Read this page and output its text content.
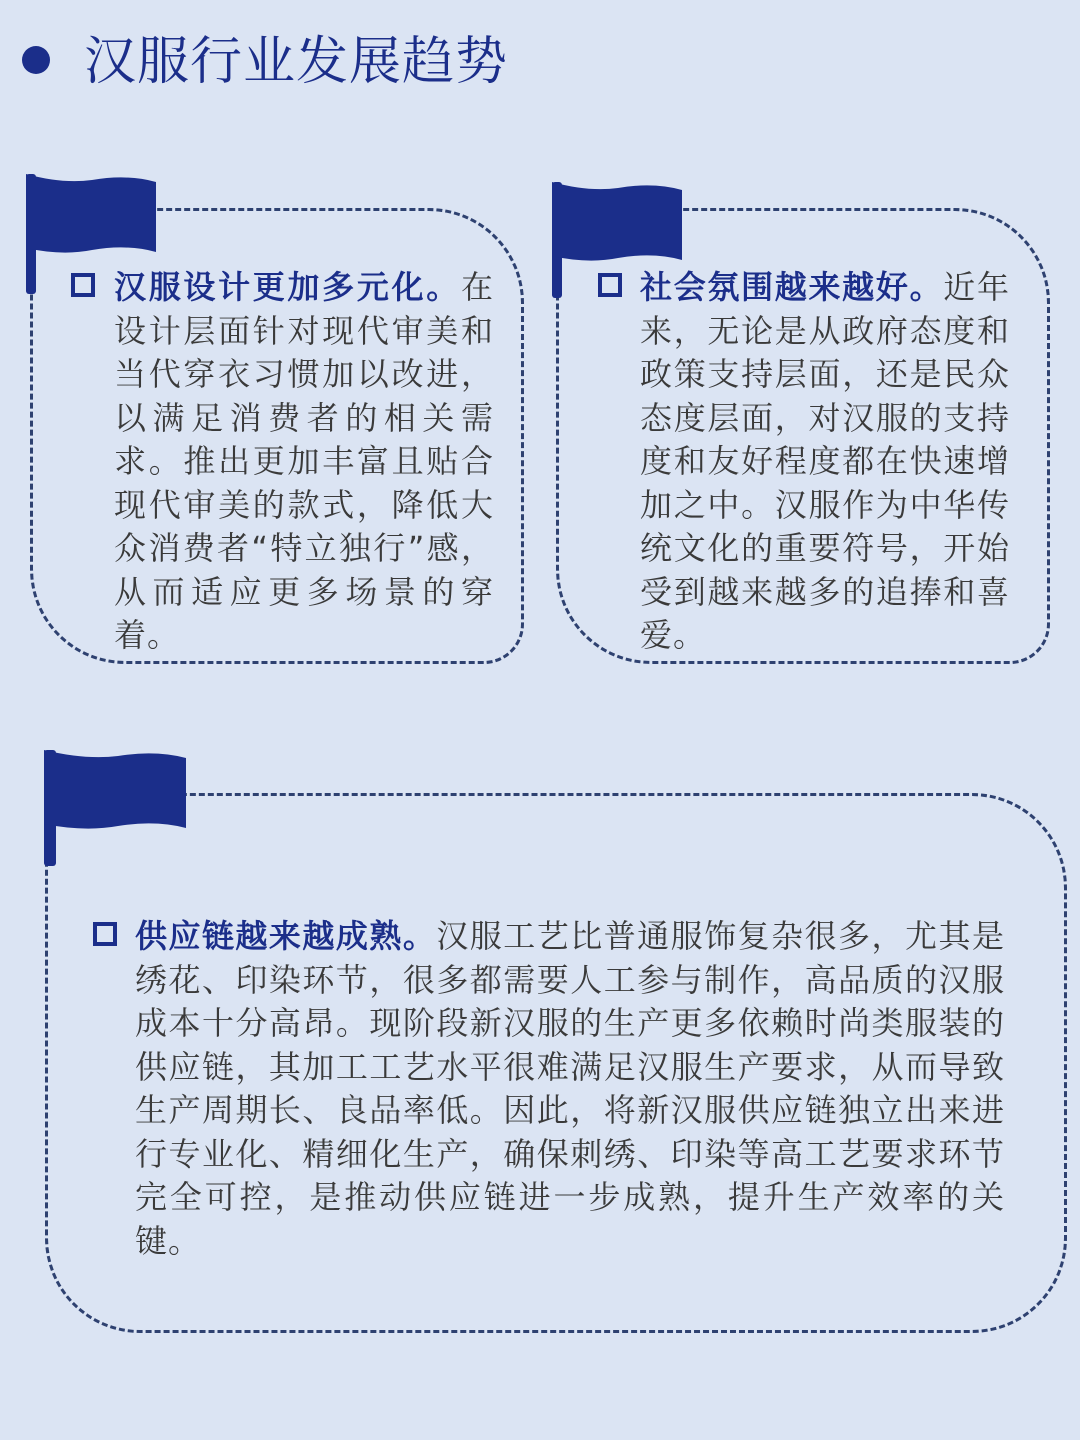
汉服行业发展趋势
汉服设计更加多元化。在设计层面针对现代审美和当代穿衣习惯加以改进，以满足消费者的相关需求。推出更加丰富且贴合现代审美的款式，降低大众消费者“特立独行”感，从而适应更多场景的穿着。
社会氛围越来越好。近年来，无论是从政府态度和政策支持层面，还是民众态度层面，对汉服的支持度和友好程度都在快速增加之中。汉服作为中华传统文化的重要符号，开始受到越来越多的追捧和喜爱。
供应链越来越成熟。汉服工艺比普通服饰复杂很多，尤其是绣花、印染环节，很多都需要人工参与制作，高品质的汉服成本十分高昂。现阶段新汉服的生产更多依赖时尚类服装的供应链，其加工工艺水平很难满足汉服生产要求，从而导致生产周期长、良品率低。因此，将新汉服供应链独立出来进行专业化、精细化生产，确保刺绣、印染等高工艺要求环节完全可控，是推动供应链进一步成熟，提升生产效率的关键。
